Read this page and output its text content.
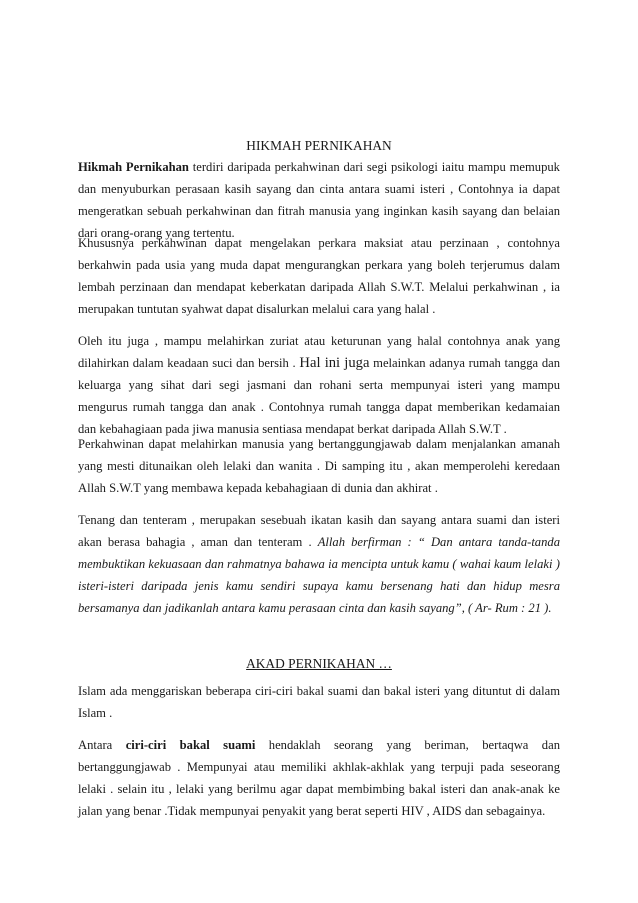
HIKMAH PERNIKAHAN

Hikmah Pernikahan terdiri daripada perkahwinan dari segi psikologi iaitu mampu memupuk dan menyuburkan perasaan kasih sayang dan cinta antara suami isteri , Contohnya ia dapat mengeratkan sebuah perkahwinan dan fitrah manusia yang inginkan kasih sayang dan belaian dari orang-orang yang tertentu.

Khususnya perkahwinan dapat mengelakan perkara maksiat atau perzinaan , contohnya berkahwin pada usia yang muda dapat mengurangkan perkara yang boleh terjerumus dalam lembah perzinaan dan mendapat keberkatan daripada Allah S.W.T. Melalui perkahwinan , ia merupakan tuntutan syahwat dapat disalurkan melalui cara yang halal .

Oleh itu juga , mampu melahirkan zuriat atau keturunan yang halal contohnya anak yang dilahirkan dalam keadaan suci dan bersih . Hal ini juga melainkan adanya rumah tangga dan keluarga yang sihat dari segi jasmani dan rohani serta mempunyai isteri yang mampu mengurus rumah tangga dan anak . Contohnya rumah tangga dapat memberikan kedamaian dan kebahagiaan pada jiwa manusia sentiasa mendapat berkat daripada Allah S.W.T .

Perkahwinan dapat melahirkan manusia yang bertanggungjawab dalam menjalankan amanah yang mesti ditunaikan oleh lelaki dan wanita . Di samping itu , akan memperolehi keredaan Allah S.W.T yang membawa kepada kebahagiaan di dunia dan akhirat .

Tenang dan tenteram , merupakan sesebuah ikatan kasih dan sayang antara suami dan isteri akan berasa bahagia , aman dan tenteram . Allah berfirman : “ Dan antara tanda-tanda membuktikan kekuasaan dan rahmatnya bahawa ia mencipta untuk kamu ( wahai kaum lelaki ) isteri-isteri daripada jenis kamu sendiri supaya kamu bersenang hati dan hidup mesra bersamanya dan jadikanlah antara kamu perasaan cinta dan kasih sayang”, ( Ar- Rum : 21 ).

AKAD PERNIKAHAN …

Islam ada menggariskan beberapa ciri-ciri bakal suami dan bakal isteri yang dituntut di dalam Islam .

Antara ciri-ciri bakal suami hendaklah seorang yang beriman, bertaqwa dan bertanggungjawab . Mempunyai atau memiliki akhlak-akhlak yang terpuji pada seseorang lelaki . selain itu , lelaki yang berilmu agar dapat membimbing bakal isteri dan anak-anak ke jalan yang benar .Tidak mempunyai penyakit yang berat seperti HIV , AIDS dan sebagainya.
